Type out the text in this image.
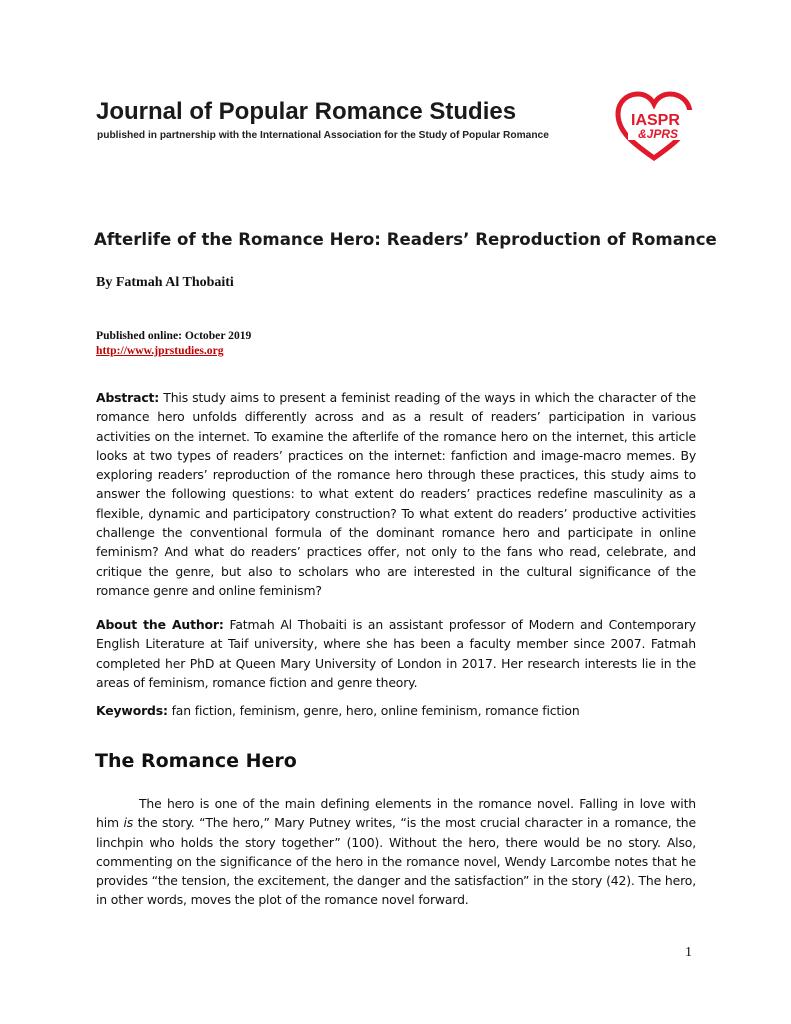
Journal of Popular Romance Studies
published in partnership with the International Association for the Study of Popular Romance
IASPR
&JPRS
Afterlife of the Romance Hero: Readers’ Reproduction of Romance
By Fatmah Al Thobaiti
Published online: October 2019
http://www.jprstudies.org
Abstract: This study aims to present a feminist reading of the ways in which the character of the romance hero unfolds differently across and as a result of readers’ participation in various activities on the internet. To examine the afterlife of the romance hero on the internet, this article looks at two types of readers’ practices on the internet: fanfiction and image-macro memes. By exploring readers’ reproduction of the romance hero through these practices, this study aims to answer the following questions: to what extent do readers’ practices redefine masculinity as a flexible, dynamic and participatory construction? To what extent do readers’ productive activities challenge the conventional formula of the dominant romance hero and participate in online feminism? And what do readers’ practices offer, not only to the fans who read, celebrate, and critique the genre, but also to scholars who are interested in the cultural significance of the romance genre and online feminism?
About the Author: Fatmah Al Thobaiti is an assistant professor of Modern and Contemporary English Literature at Taif university, where she has been a faculty member since 2007. Fatmah completed her PhD at Queen Mary University of London in 2017. Her research interests lie in the areas of feminism, romance fiction and genre theory.
Keywords: fan fiction, feminism, genre, hero, online feminism, romance fiction
The Romance Hero
The hero is one of the main defining elements in the romance novel. Falling in love with him is the story. “The hero,” Mary Putney writes, “is the most crucial character in a romance, the linchpin who holds the story together” (100). Without the hero, there would be no story. Also, commenting on the significance of the hero in the romance novel, Wendy Larcombe notes that he provides “the tension, the excitement, the danger and the satisfaction” in the story (42). The hero, in other words, moves the plot of the romance novel forward.
1
